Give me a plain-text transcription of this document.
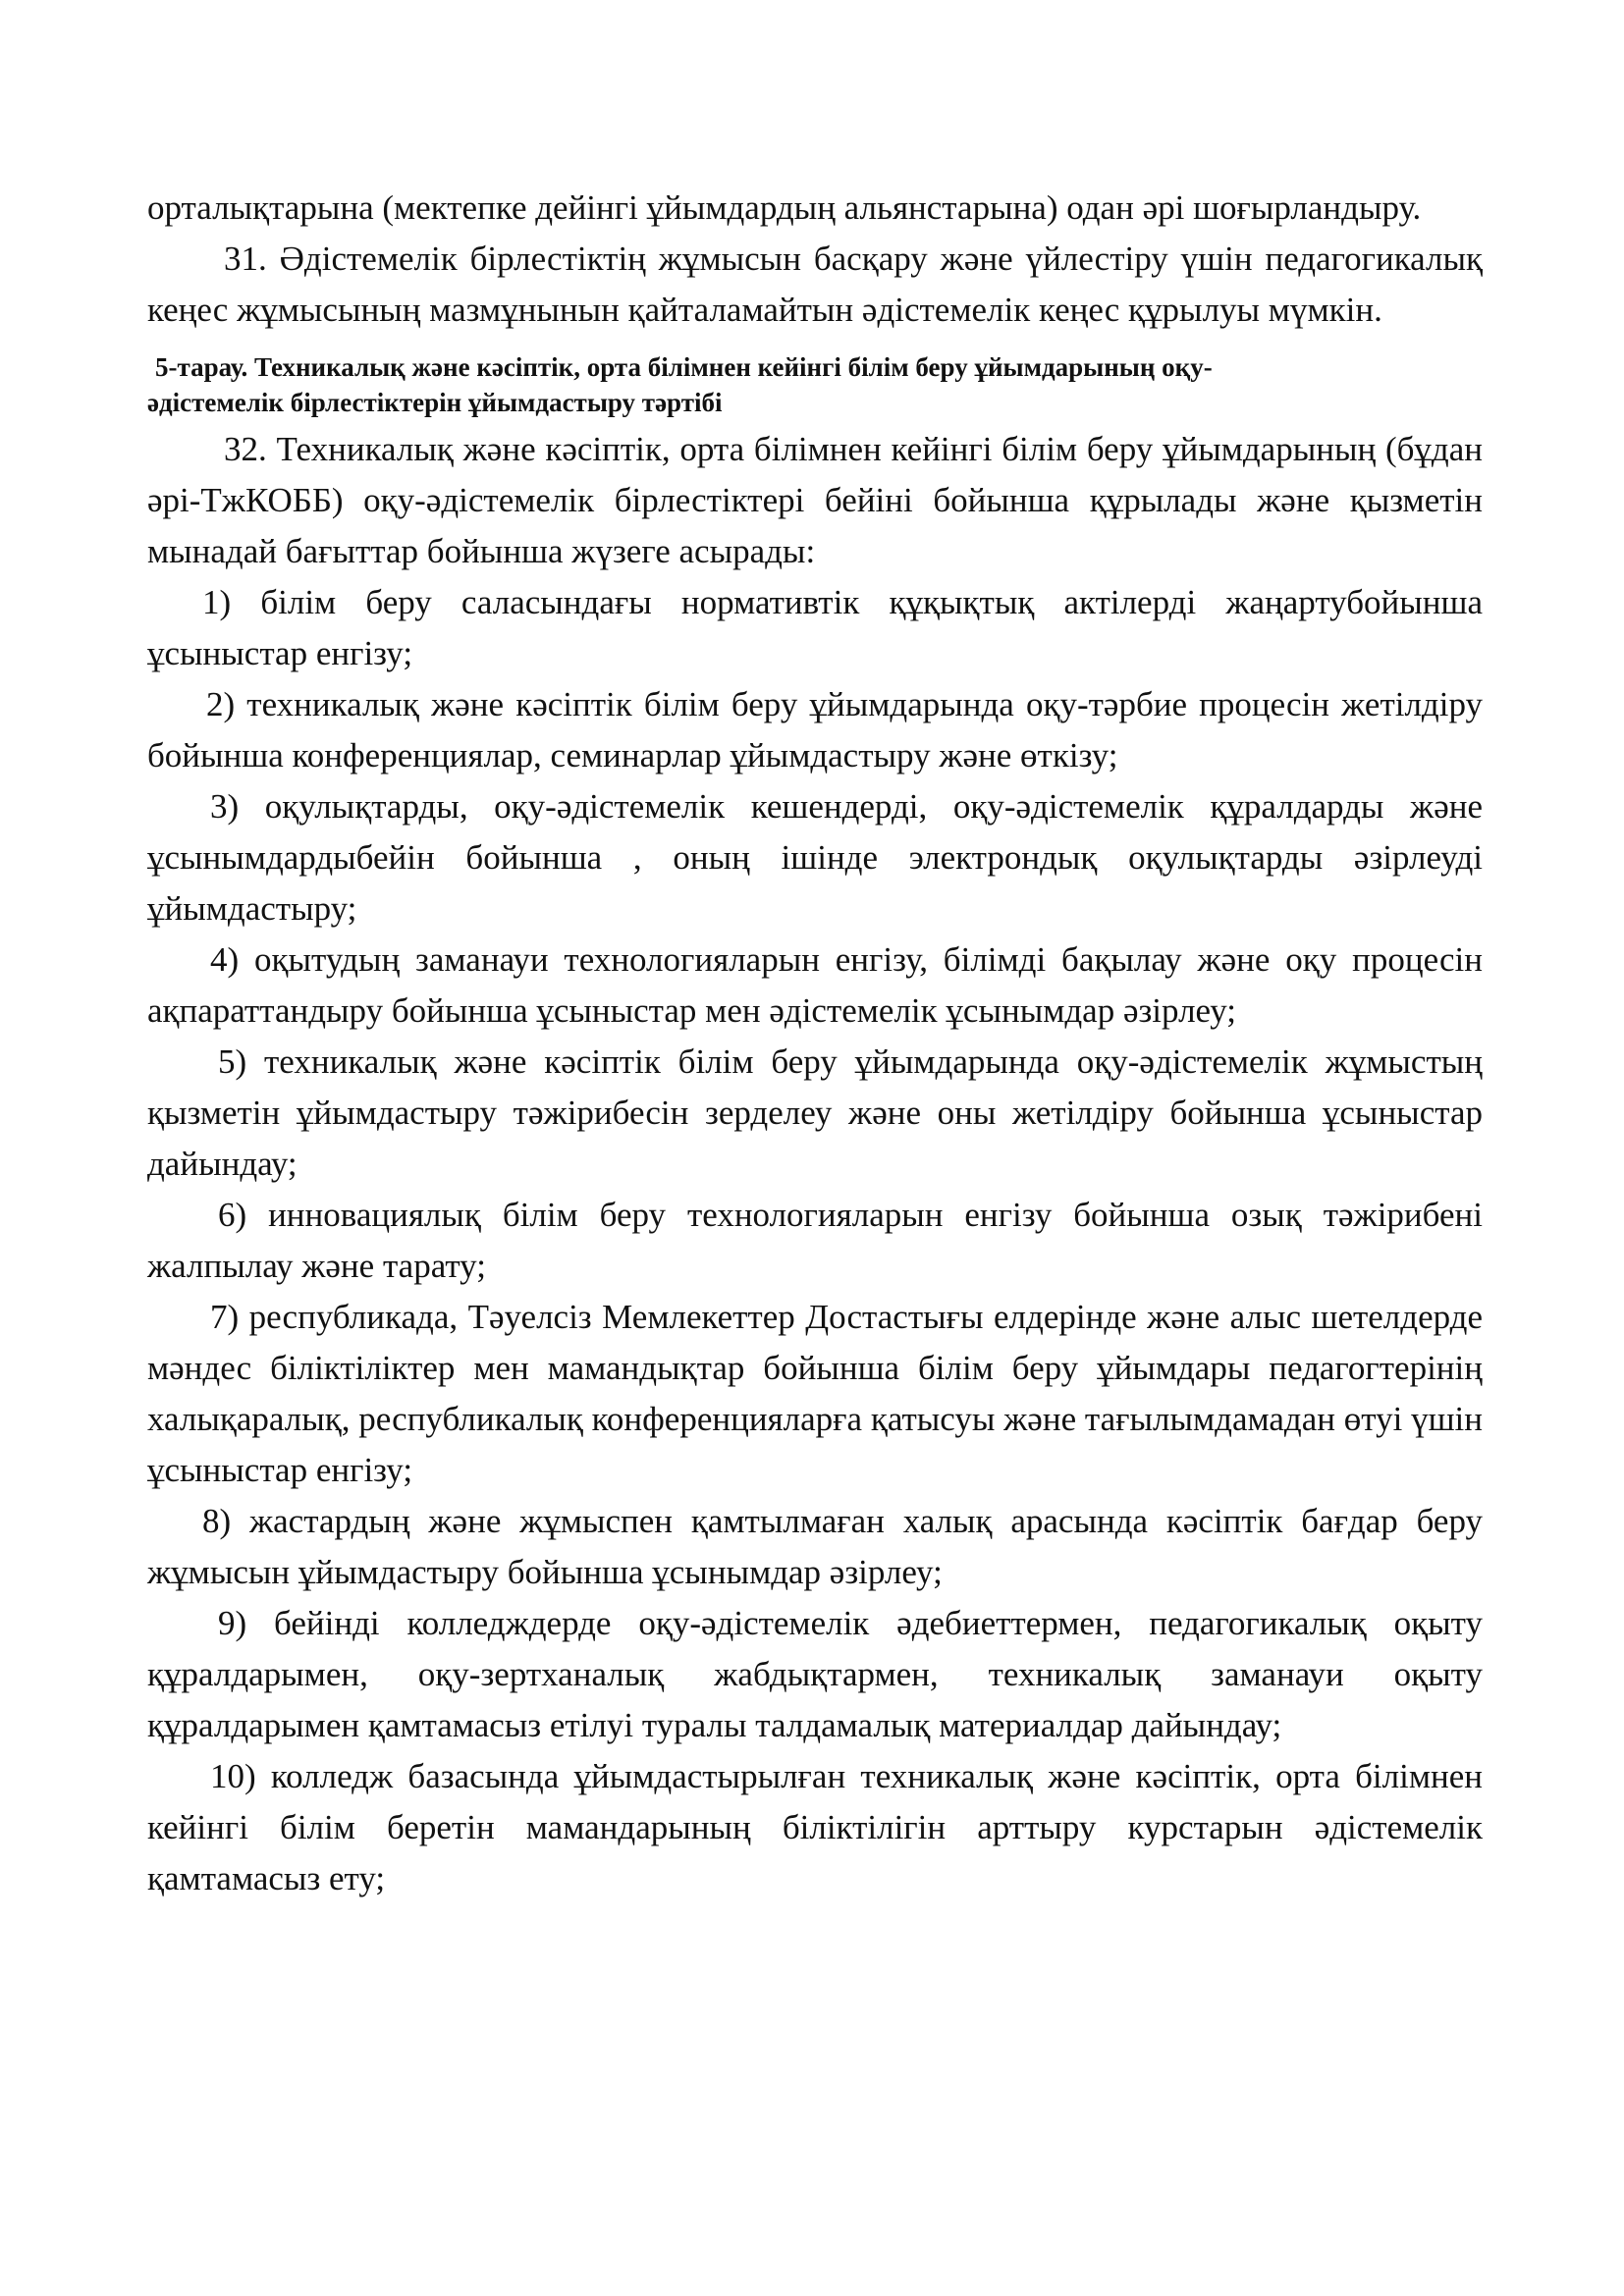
орталықтарына (мектепке дейінгі ұйымдардың альянстарына) одан әрі шоғырландыру.

31. Әдістемелік бірлестіктің жұмысын басқару және үйлестіру үшін педагогикалық кеңес жұмысының мазмұнынын қайталамайтын әдістемелік кеңес құрылуы мүмкін.

5-тарау. Техникалық және кәсіптік, орта білімнен кейінгі білім беру ұйымдарының оқу-
әдістемелік бірлестіктерін ұйымдастыру тәртібі

32. Техникалық және кәсіптік, орта білімнен кейінгі білім беру ұйымдарының (бұдан әрі-ТжКОББ) оқу-әдістемелік бірлестіктері бейіні бойынша құрылады және қызметін мынадай бағыттар бойынша жүзеге асырады:

1) білім беру саласындағы нормативтік құқықтық актілерді жаңартубойынша ұсыныстар енгізу;

2) техникалық және кәсіптік білім беру ұйымдарында оқу-тәрбие процесін жетілдіру бойынша конференциялар, семинарлар ұйымдастыру және өткізу;

3) оқулықтарды, оқу-әдістемелік кешендерді, оқу-әдістемелік құралдарды және ұсынымдардыбейін бойынша , оның ішінде электрондық оқулықтарды әзірлеуді ұйымдастыру;

4) оқытудың заманауи технологияларын енгізу, білімді бақылау және оқу процесін ақпараттандыру бойынша ұсыныстар мен әдістемелік ұсынымдар әзірлеу;

5) техникалық және кәсіптік білім беру ұйымдарында оқу-әдістемелік жұмыстың қызметін ұйымдастыру тәжірибесін зерделеу және оны жетілдіру бойынша ұсыныстар дайындау;

6) инновациялық білім беру технологияларын енгізу бойынша озық тәжірибені жалпылау және тарату;

7) республикада, Тәуелсіз Мемлекеттер Достастығы елдерінде және алыс шетелдерде мәндес біліктіліктер мен мамандықтар бойынша білім беру ұйымдары педагогтерінің халықаралық, республикалық конференцияларға қатысуы және тағылымдамадан өтуі үшін ұсыныстар енгізу;

8) жастардың және жұмыспен қамтылмаған халық арасында кәсіптік бағдар беру жұмысын ұйымдастыру бойынша ұсынымдар әзірлеу;

9) бейінді колледждерде оқу-әдістемелік әдебиеттермен, педагогикалық оқыту құралдарымен, оқу-зертханалық жабдықтармен, техникалық заманауи оқыту құралдарымен қамтамасыз етілуі туралы талдамалық материалдар дайындау;

10) колледж базасында ұйымдастырылған техникалық және кәсіптік, орта білімнен кейінгі білім беретін мамандарының біліктілігін арттыру курстарын әдістемелік қамтамасыз ету;
